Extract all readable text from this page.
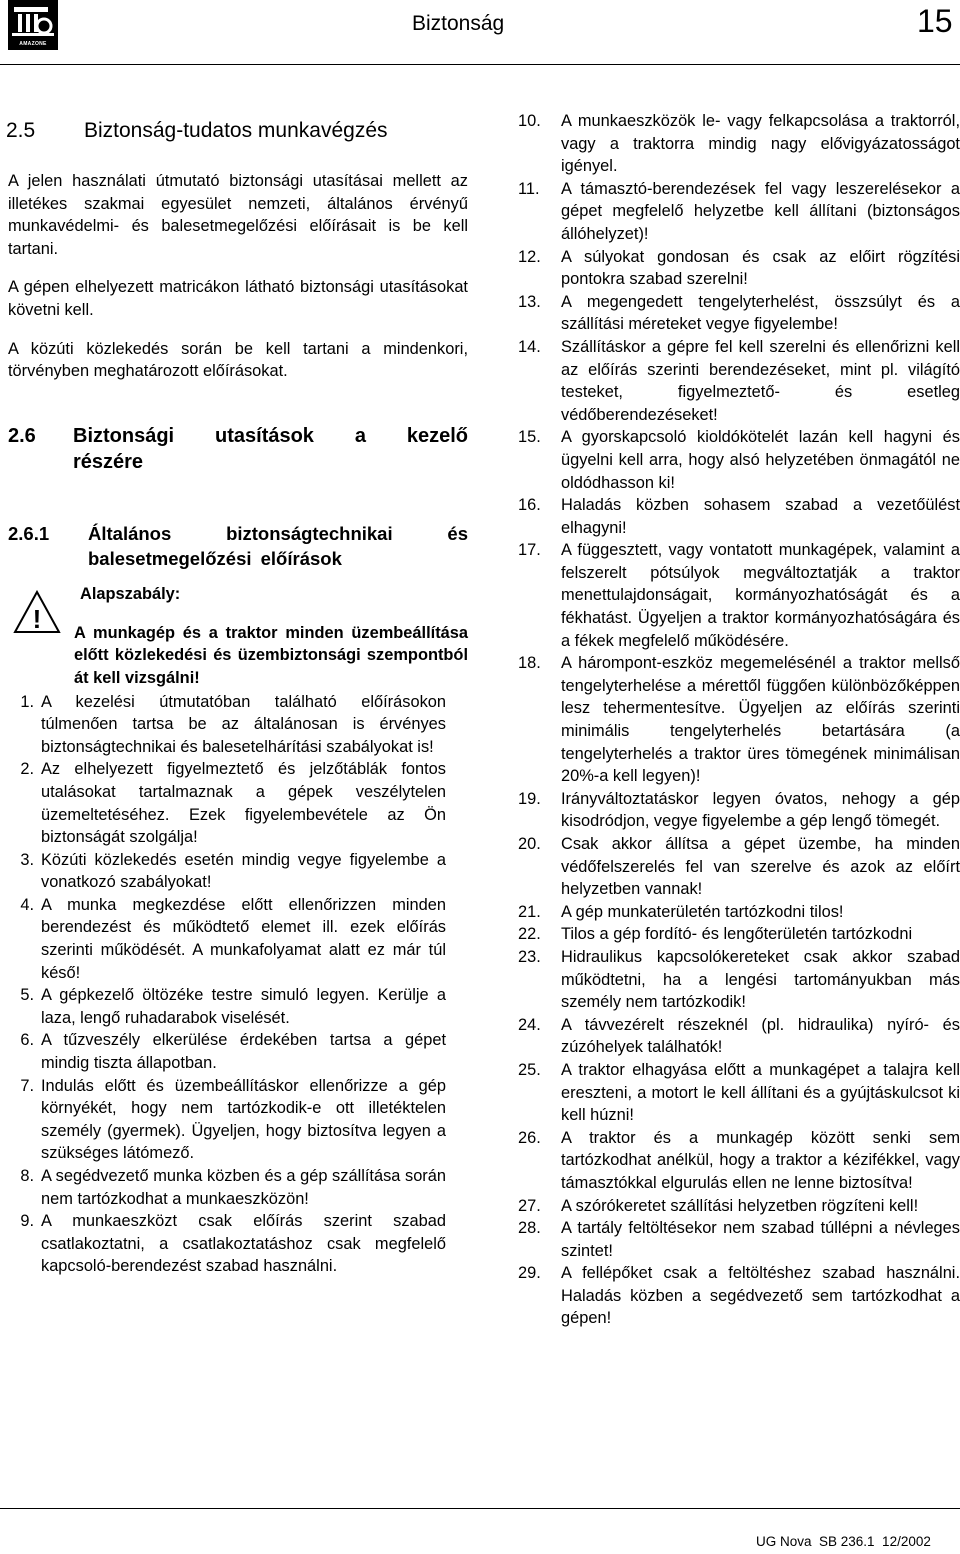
AMAZONE
Biztonság	15
2.5	Biztonság-tudatos munkavégzés

A jelen használati útmutató biztonsági utasításai mellett az illetékes szakmai egyesület nemzeti, általános érvényű munkavédelmi- és balesetmegelőzési előírásait is be kell tartani.

A gépen elhelyezett matricákon látható biztonsági utasításokat követni kell.

A közúti közlekedés során be kell tartani a mindenkori, törvényben meghatározott előírásokat.

2.6	Biztonsági utasítások a kezelő részére
2.6.1	Általános biztonságtechnikai és balesetmegelőzési előírások
!
Alapszabály:
A munkagép és a traktor minden üzembeállítása előtt közlekedési és üzembiztonsági szempontból át kell vizsgálni!
1. A kezelési útmutatóban található előírásokon túlmenően tartsa be az általánosan is érvényes biztonságtechnikai és balesetelhárítási szabályokat is!
2. Az elhelyezett figyelmeztető és jelzőtáblák fontos utalásokat tartalmaznak a gépek veszélytelen üzemeltetéséhez. Ezek figyelembevétele az Ön biztonságát szolgálja!
3. Közúti közlekedés esetén mindig vegye figyelembe a vonatkozó szabályokat!
4. A munka megkezdése előtt ellenőrizzen minden berendezést és működtető elemet ill. ezek előírás szerinti működését. A munkafolyamat alatt ez már túl késő!
5. A gépkezelő öltözéke testre simuló legyen. Kerülje a laza, lengő ruhadarabok viselését.
6. A tűzveszély elkerülése érdekében tartsa a gépet mindig tiszta állapotban.
7. Indulás előtt és üzembeállításkor ellenőrizze a gép környékét, hogy nem tartózkodik-e ott illetéktelen személy (gyermek). Ügyeljen, hogy biztosítva legyen a szükséges látómező.
8. A segédvezető munka közben és a gép szállítása során nem tartózkodhat a munkaeszközön!
9. A munkaeszközt csak előírás szerint szabad csatlakoztatni, a csatlakoztatáshoz csak megfelelő kapcsoló-berendezést szabad használni.
10.	A munkaeszközök le- vagy felkapcsolása a traktorról, vagy a traktorra mindig nagy elővigyázatosságot igényel.
11.	A támasztó-berendezések fel vagy leszerelésekor a gépet megfelelő helyzetbe kell állítani (biztonságos állóhelyzet)!
12.	A súlyokat gondosan és csak az előirt rögzítési pontokra szabad szerelni!
13.	A megengedett tengelyterhelést, összsúlyt és a szállítási méreteket vegye figyelembe!
14.	Szállításkor a gépre fel kell szerelni és ellenőrizni kell az előírás szerinti berendezéseket, mint pl. világító testeket, figyelmeztető- és esetleg védőberendezéseket!
15.	A gyorskapcsoló kioldókötelét lazán kell hagyni és ügyelni kell arra, hogy alsó helyzetében önmagától ne oldódhasson ki!
16.	Haladás közben sohasem szabad a vezetőülést elhagyni!
17.	A függesztett, vagy vontatott munkagépek, valamint a felszerelt pótsúlyok megváltoztatják a traktor menettulajdonságait, kormányozhatóságát és a fékhatást. Ügyeljen a traktor kormányozhatóságára és a fékek megfelelő működésére.
18.	A hárompont-eszköz megemelésénél a traktor mellső tengelyterhelése a mérettől függően különbözőképpen lesz tehermentesítve. Ügyeljen az előírás szerinti minimális tengelyterhelés betartására (a tengelyterhelés a traktor üres tömegének minimálisan 20%-a kell legyen)!
19.	Irányváltoztatáskor legyen óvatos, nehogy a gép kisodródjon, vegye figyelembe a gép lengő tömegét.
20.	Csak akkor állítsa a gépet üzembe, ha minden védőfelszerelés fel van szerelve és azok az előírt helyzetben vannak!
21.	A gép munkaterületén tartózkodni tilos!
22.	Tilos a gép fordító- és lengőterületén tartózkodni
23.	Hidraulikus kapcsolókereteket csak akkor szabad működtetni, ha a lengési tartományukban más személy nem tartózkodik!
24.	A távvezérelt részeknél (pl. hidraulika) nyíró- és zúzóhelyek találhatók!
25.	A traktor elhagyása előtt a munkagépet a talajra kell ereszteni, a motort le kell állítani és a gyújtáskulcsot ki kell húzni!
26.	A traktor és a munkagép között senki sem tartózkodhat anélkül, hogy a traktor a kézifékkel, vagy támasztókkal elgurulás ellen ne lenne biztosítva!
27.	A szórókeretet szállítási helyzetben rögzíteni kell!
28.	A tartály feltöltésekor nem szabad túllépni a névleges szintet!
29.	A fellépőket csak a feltöltéshez szabad használni. Haladás közben a segédvezető sem tartózkodhat a gépen!
UG Nova  SB 236.1  12/2002
